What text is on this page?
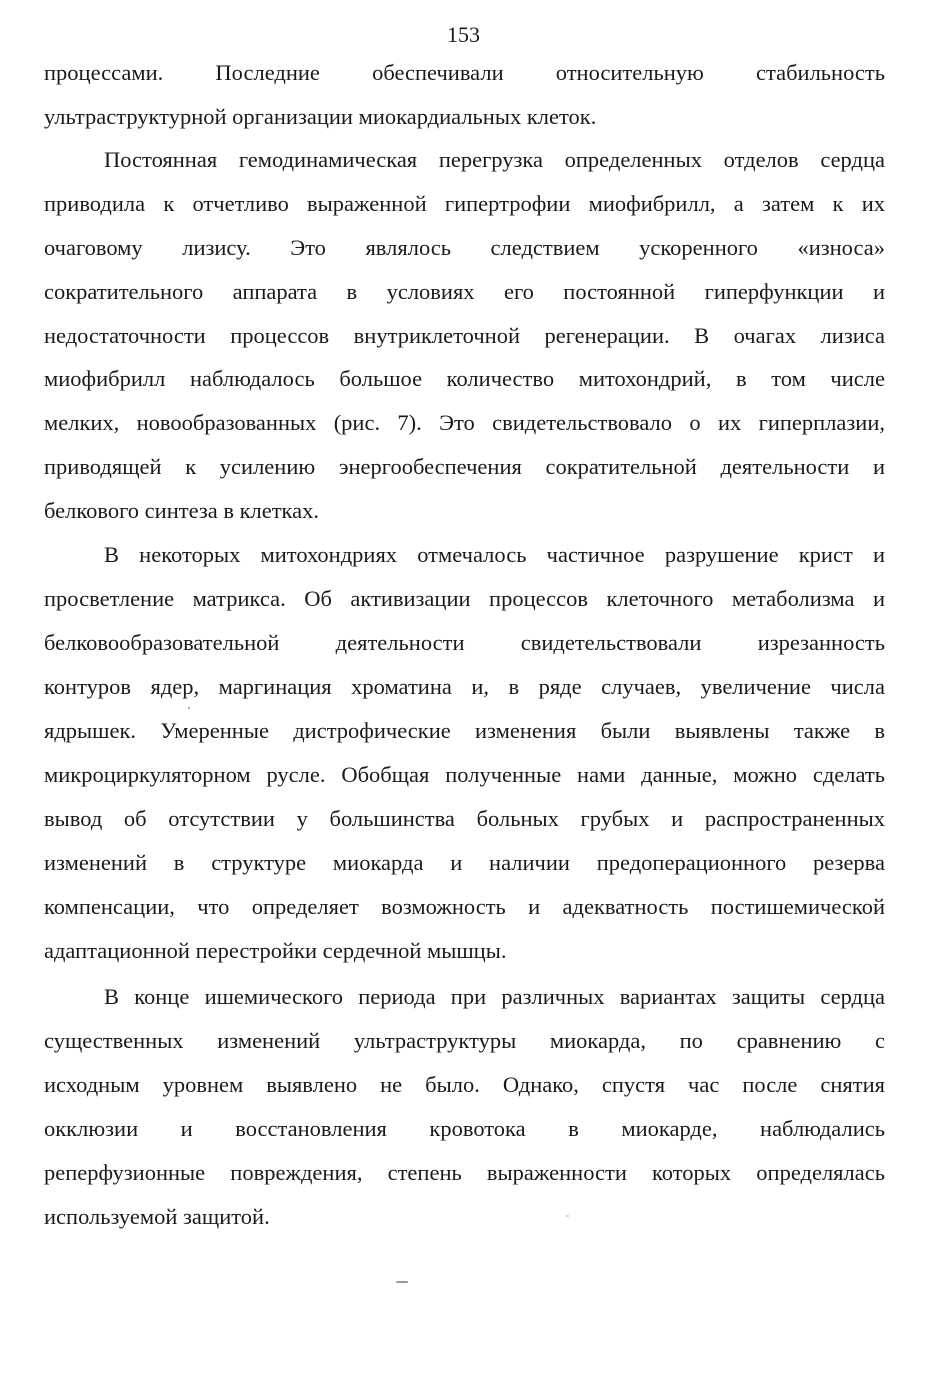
153
процессами. Последние обеспечивали относительную стабильность
ультраструктурной организации миокардиальных клеток.
Постоянная гемодинамическая перегрузка определенных отделов сердца
приводила к отчетливо выраженной гипертрофии миофибрилл, а затем к их
очаговому лизису. Это являлось следствием ускоренного «износа»
сократительного аппарата в условиях его постоянной гиперфункции и
недостаточности процессов внутриклеточной регенерации. В очагах лизиса
миофибрилл наблюдалось большое количество митохондрий, в том числе
мелких, новообразованных (рис. 7). Это свидетельствовало о их гиперплазии,
приводящей к усилению энергообеспечения сократительной деятельности и
белкового синтеза в клетках.
В некоторых митохондриях отмечалось частичное разрушение крист и
просветление матрикса. Об активизации процессов клеточного метаболизма и
белковообразовательной деятельности свидетельствовали изрезанность
контуров ядер, маргинация хроматина и, в ряде случаев, увеличение числа
ядрышек. Умеренные дистрофические изменения были выявлены также в
микроциркуляторном русле. Обобщая полученные нами данные, можно сделать
вывод об отсутствии у большинства больных грубых и распространенных
изменений в структуре миокарда и наличии предоперационного резерва
компенсации, что определяет возможность и адекватность постишемической
адаптационной перестройки сердечной мышцы.
В конце ишемического периода при различных вариантах защиты сердца
существенных изменений ультраструктуры миокарда, по сравнению с
исходным уровнем выявлено не было. Однако, спустя час после снятия
окклюзии и восстановления кровотока в миокарде, наблюдались
реперфузионные повреждения, степень выраженности которых определялась
используемой защитой.
